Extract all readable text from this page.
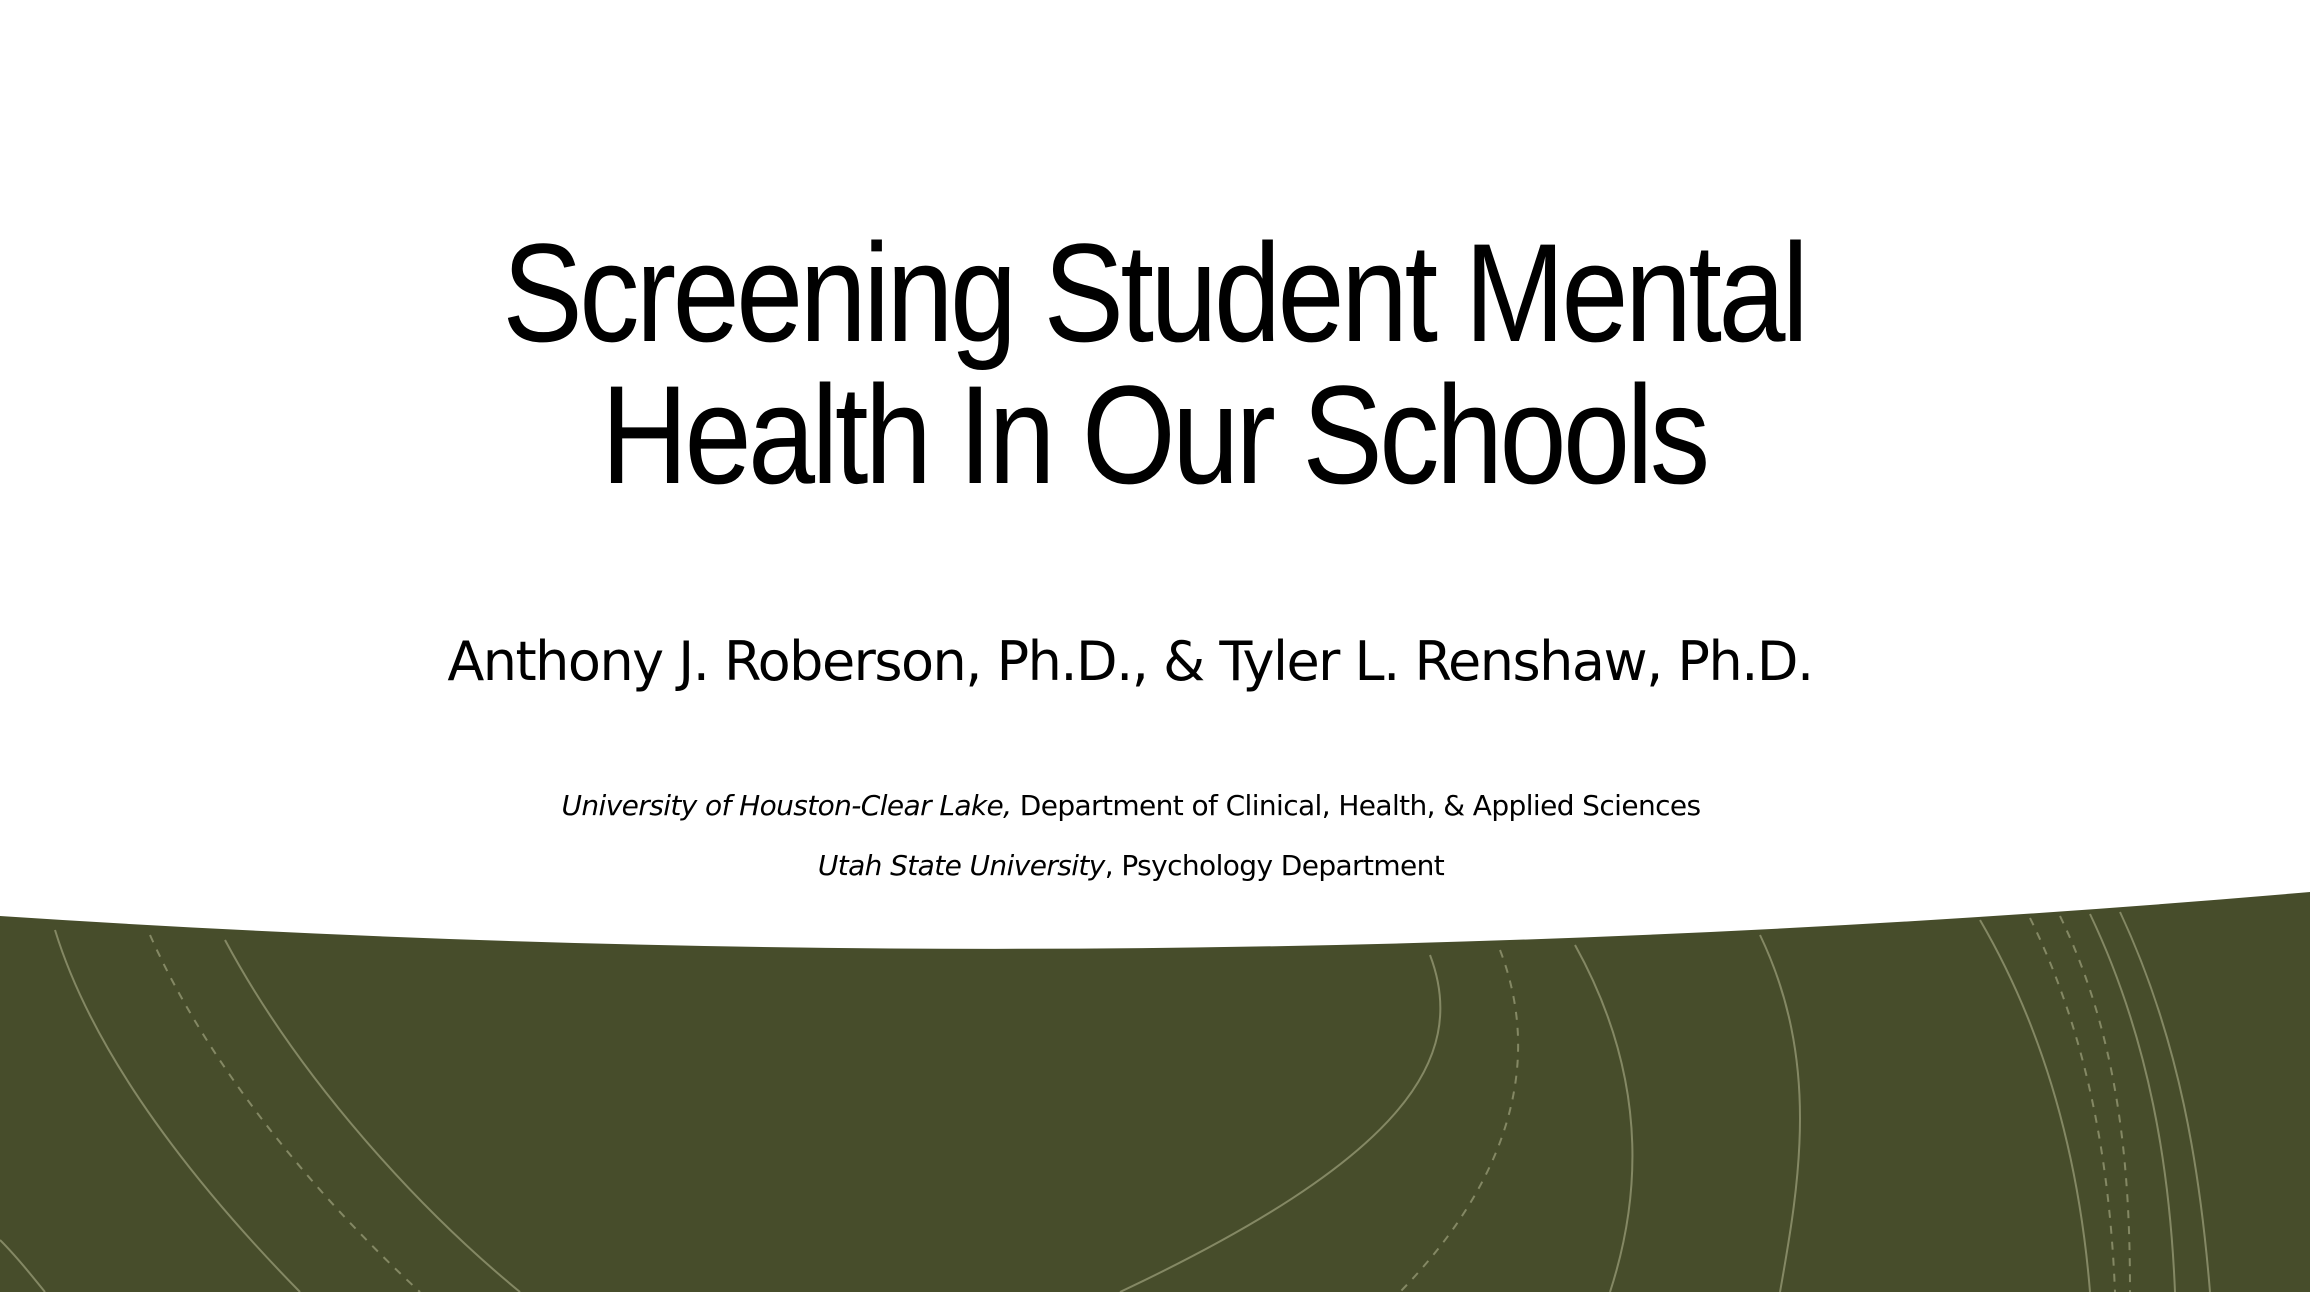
Screening Student Mental
Health In Our Schools
Anthony J. Roberson, Ph.D., & Tyler L. Renshaw, Ph.D.
University of Houston-Clear Lake, Department of Clinical, Health, & Applied Sciences
Utah State University, Psychology Department
